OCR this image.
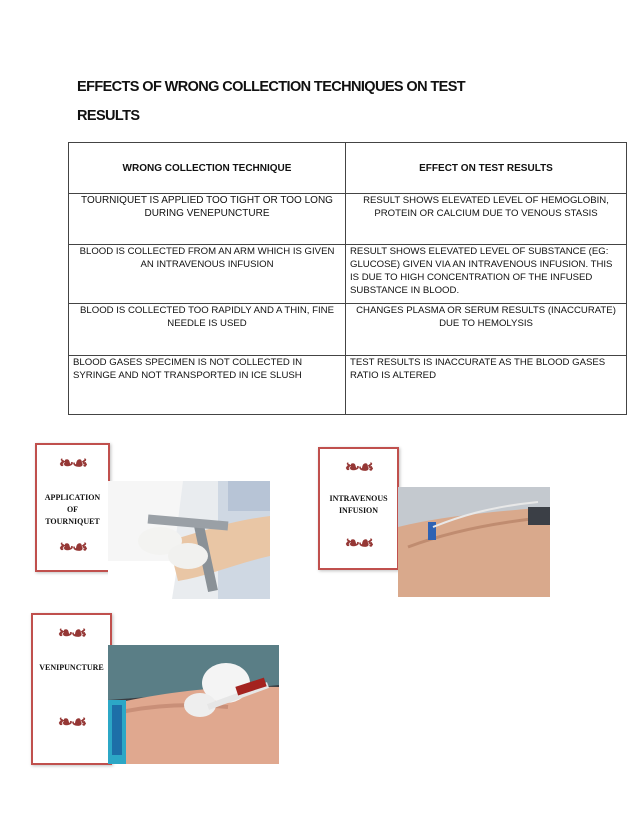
EFFECTS OF WRONG COLLECTION TECHNIQUES ON TEST
RESULTS
WRONG COLLECTION TECHNIQUE	EFFECT ON TEST RESULTS
TOURNIQUET IS APPLIED TOO TIGHT OR TOO LONG DURING VENEPUNCTURE	RESULT SHOWS ELEVATED LEVEL OF HEMOGLOBIN, PROTEIN OR CALCIUM DUE TO VENOUS STASIS
BLOOD IS COLLECTED FROM AN ARM WHICH IS GIVEN AN INTRAVENOUS INFUSION	RESULT SHOWS ELEVATED LEVEL OF SUBSTANCE (EG: GLUCOSE) GIVEN VIA AN INTRAVENOUS INFUSION. THIS IS DUE TO HIGH CONCENTRATION OF THE INFUSED SUBSTANCE IN BLOOD.
BLOOD IS COLLECTED TOO RAPIDLY AND A THIN, FINE NEEDLE IS USED	CHANGES PLASMA OR SERUM RESULTS (INACCURATE) DUE TO HEMOLYSIS
BLOOD GASES SPECIMEN IS NOT COLLECTED IN SYRINGE AND NOT TRANSPORTED IN ICE SLUSH	TEST RESULTS IS INACCURATE AS THE BLOOD GASES RATIO IS ALTERED
❧☙
APPLICATION
OF
TOURNIQUET
❧☙
❧☙
INTRAVENOUS
INFUSION
❧☙
❧☙
VENIPUNCTURE
❧☙
